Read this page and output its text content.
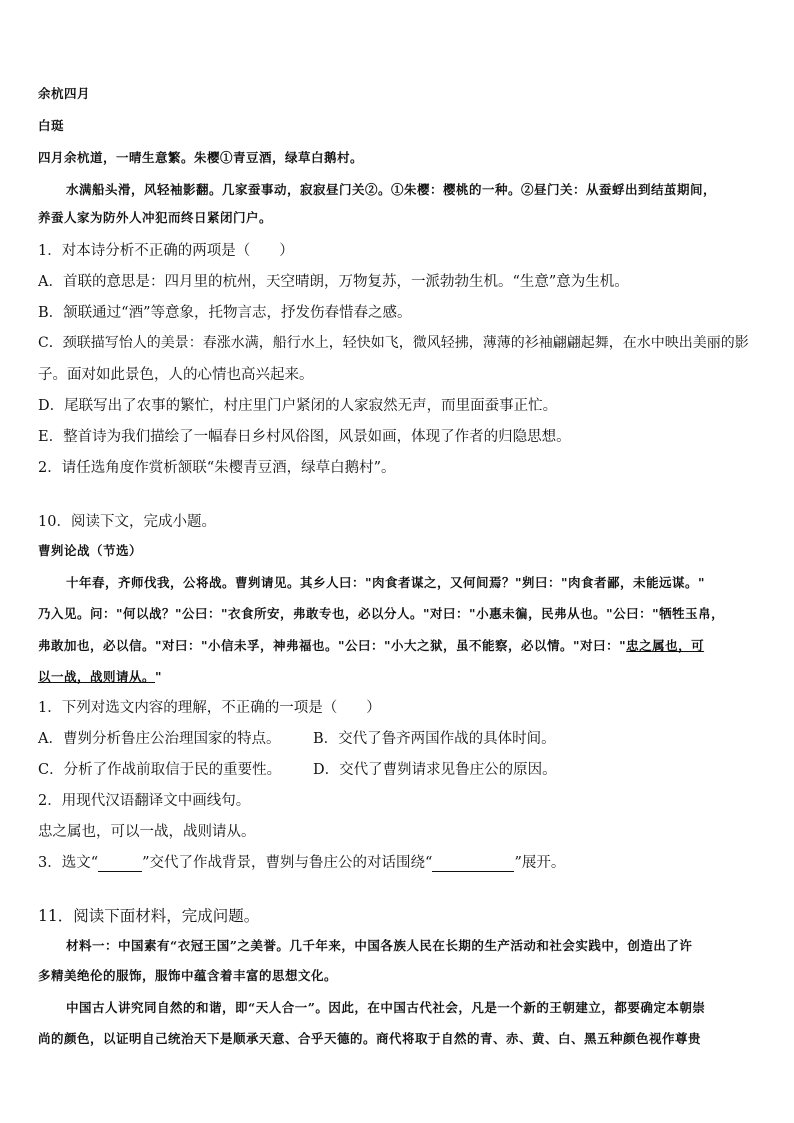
余杭四月
白珽
四月余杭道，一晴生意繁。朱樱①青豆酒，绿草白鹅村。
水满船头滑，风轻袖影翻。几家蚕事动，寂寂昼门关②。①朱樱：樱桃的一种。②昼门关：从蚕蜉出到结茧期间，
养蚕人家为防外人冲犯而终日紧闭门户。
1．对本诗分析不正确的两项是（　　）
A．首联的意思是：四月里的杭州，天空晴朗，万物复苏，一派勃勃生机。“生意”意为生机。
B．颔联通过“酒”等意象，托物言志，抒发伤春惜春之感。
C．颈联描写怡人的美景：春涨水满，船行水上，轻快如飞，微风轻拂，薄薄的衫袖翩翩起舞，在水中映出美丽的影
子。面对如此景色，人的心情也高兴起来。
D．尾联写出了农事的繁忙，村庄里门户紧闭的人家寂然无声，而里面蚕事正忙。
E．整首诗为我们描绘了一幅春日乡村风俗图，风景如画，体现了作者的归隐思想。
2．请任选角度作赏析颔联“朱樱青豆酒，绿草白鹅村”。
10．阅读下文，完成小题。
曹刿论战（节选）
十年春，齐师伐我，公将战。曹刿请见。其乡人曰："肉食者谋之，又何间焉？"刿曰："肉食者鄙，未能远谋。"
乃入见。问："何以战？"公曰："衣食所安，弗敢专也，必以分人。"对曰："小惠未徧，民弗从也。"公曰："牺牲玉帛，
弗敢加也，必以信。"对曰："小信未孚，神弗福也。"公曰："小大之狱，虽不能察，必以情。"对曰："忠之属也，可
以一战，战则请从。"
1．下列对选文内容的理解，不正确的一项是（　　）
A．曹刿分析鲁庄公治理国家的特点。 B．交代了鲁齐两国作战的具体时间。
C．分析了作战前取信于民的重要性。 D．交代了曹刿请求见鲁庄公的原因。
2．用现代汉语翻译文中画线句。
忠之属也，可以一战，战则请从。
3．选文“	”交代了作战背景，曹刿与鲁庄公的对话围绕“	”展开。
11．阅读下面材料，完成问题。
材料一：中国素有“衣冠王国”之美誉。几千年来，中国各族人民在长期的生产活动和社会实践中，创造出了许
多精美绝伦的服饰，服饰中蕴含着丰富的思想文化。
中国古人讲究同自然的和谐，即“天人合一”。因此，在中国古代社会，凡是一个新的王朝建立，都要确定本朝崇
尚的颜色，以证明自己统治天下是顺承天意、合乎天德的。商代将取于自然的青、赤、黄、白、黑五种颜色视作尊贵
